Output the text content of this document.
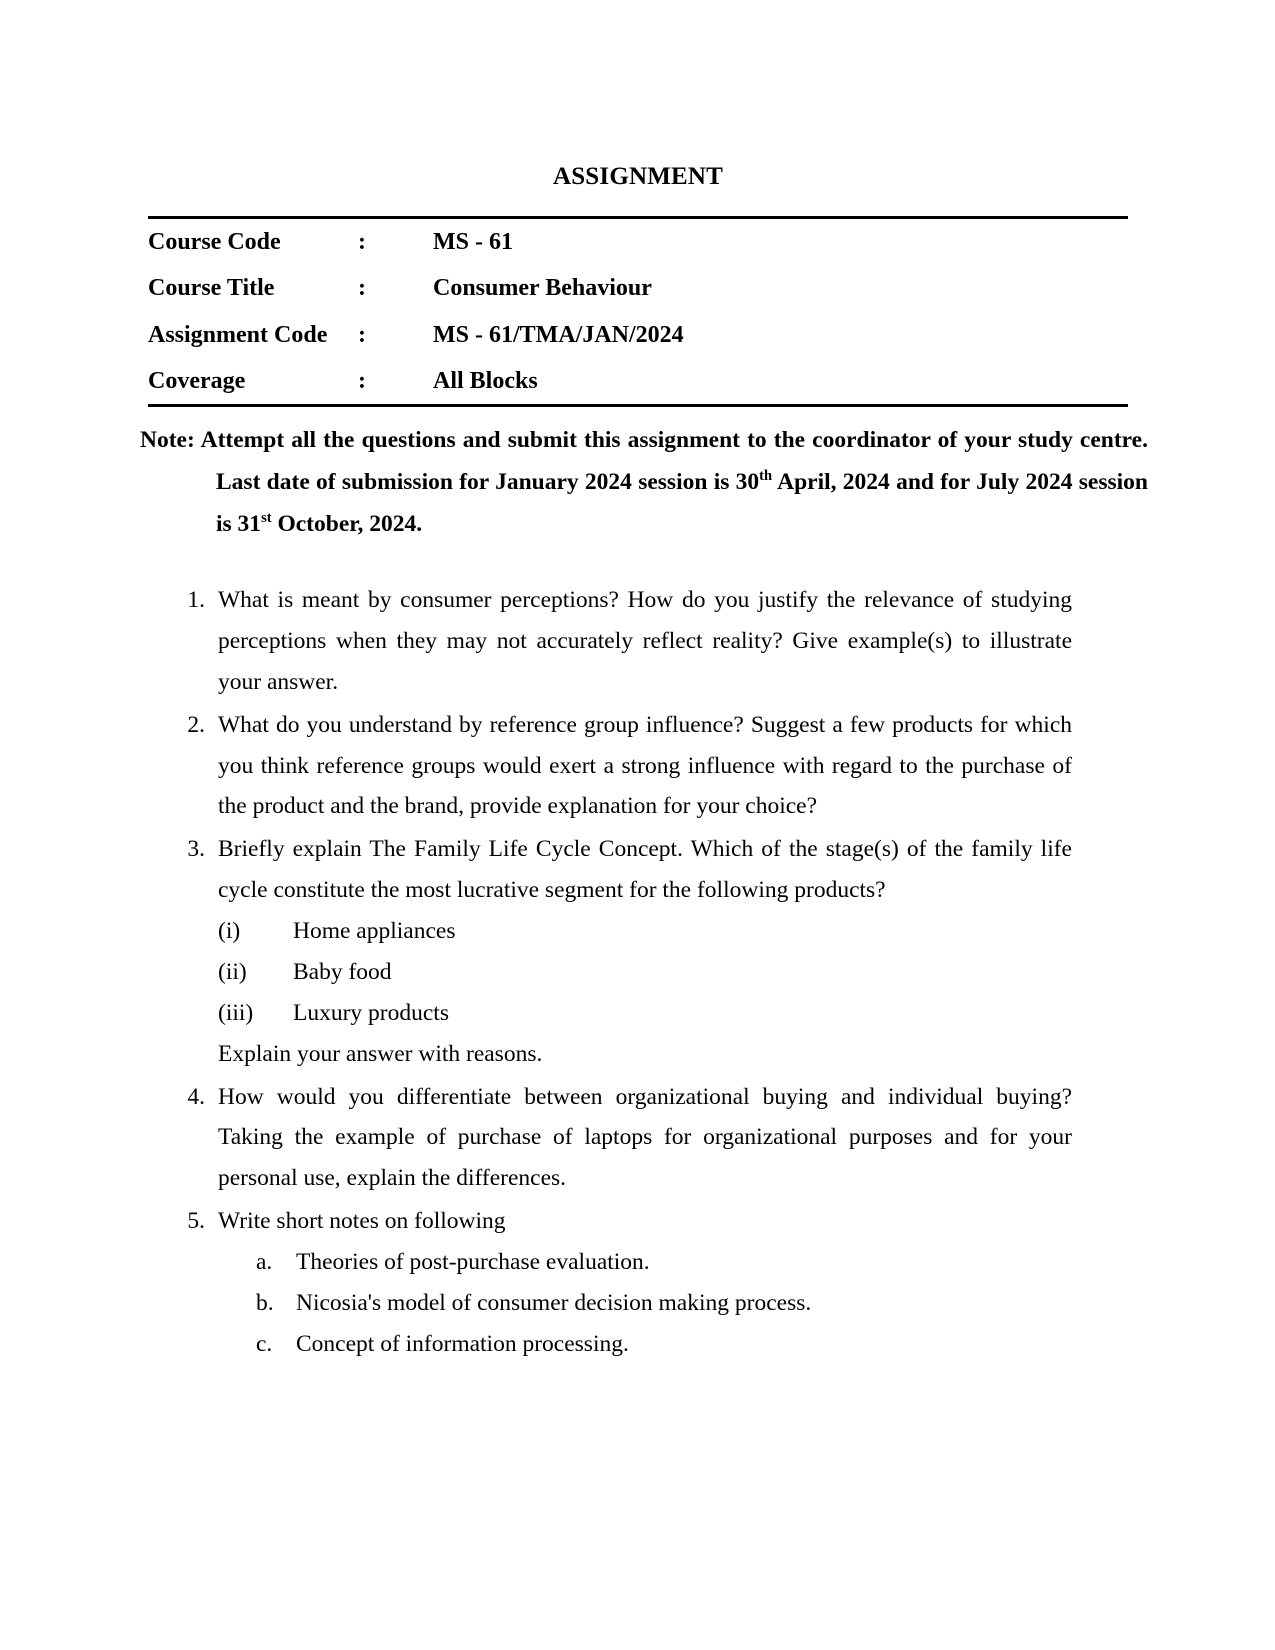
ASSIGNMENT
Course Code	:	MS - 61
Course Title	:	Consumer Behaviour
Assignment Code	:	MS - 61/TMA/JAN/2024
Coverage	:	All Blocks
Note: Attempt all the questions and submit this assignment to the coordinator of your study centre. Last date of submission for January 2024 session is 30th April, 2024 and for July 2024 session is 31st October, 2024.
1. What is meant by consumer perceptions? How do you justify the relevance of studying perceptions when they may not accurately reflect reality? Give example(s) to illustrate your answer.
2. What do you understand by reference group influence? Suggest a few products for which you think reference groups would exert a strong influence with regard to the purchase of the product and the brand, provide explanation for your choice?
3. Briefly explain The Family Life Cycle Concept. Which of the stage(s) of the family life cycle constitute the most lucrative segment for the following products?
(i) Home appliances
(ii) Baby food
(iii) Luxury products
Explain your answer with reasons.
4. How would you differentiate between organizational buying and individual buying? Taking the example of purchase of laptops for organizational purposes and for your personal use, explain the differences.
5. Write short notes on following
a. Theories of post-purchase evaluation.
b. Nicosia's model of consumer decision making process.
c. Concept of information processing.
